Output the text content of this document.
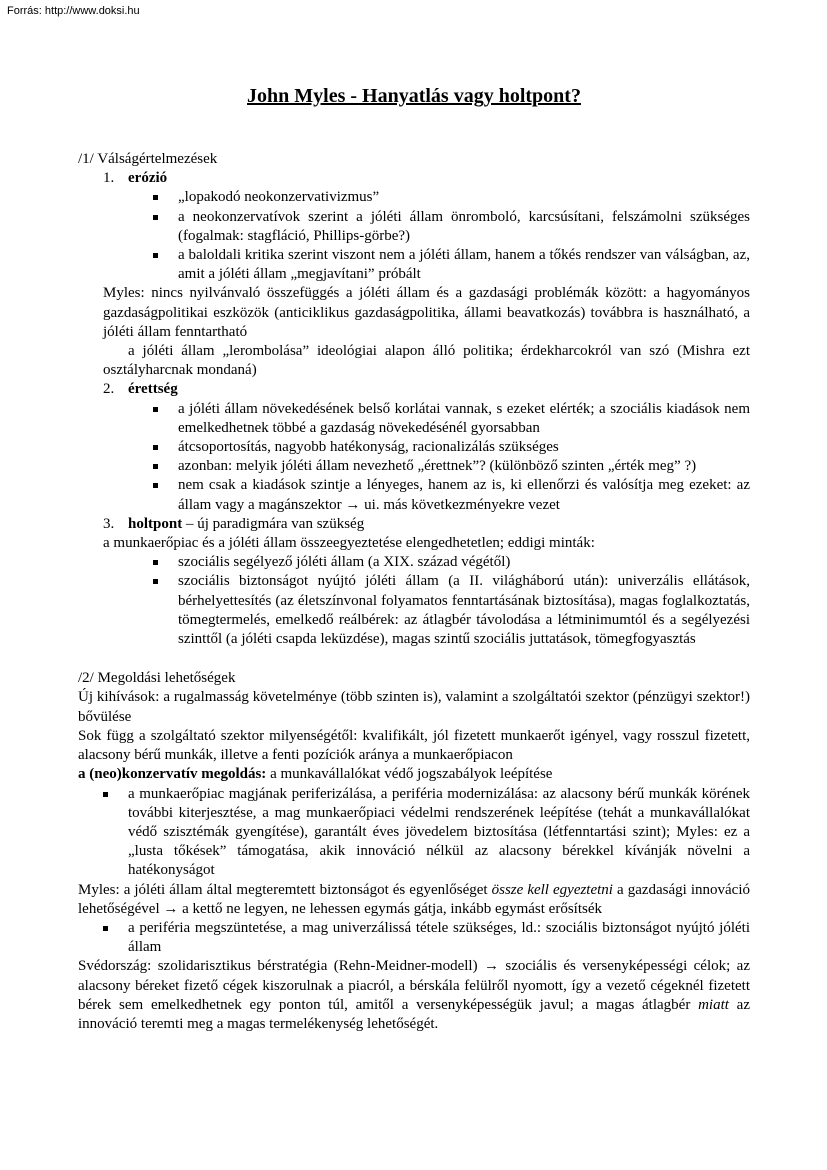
Forrás: http://www.doksi.hu
John Myles - Hanyatlás vagy holtpont?

/1/ Válságértelmezések

1. erózió
„lopakodó neokonzervativizmus”
a neokonzervatívok szerint a jóléti állam önromboló, karcsúsítani, felszámolni szükséges (fogalmak: stagfláció, Phillips-görbe?)
a baloldali kritika szerint viszont nem a jóléti állam, hanem a tőkés rendszer van válságban, az, amit a jóléti állam „megjavítani” próbált

Myles: nincs nyilvánvaló összefüggés a jóléti állam és a gazdasági problémák között: a hagyományos gazdaságpolitikai eszközök (anticiklikus gazdaságpolitika, állami beavatkozás) továbbra is használható, a jóléti állam fenntartható

a jóléti állam „lerombolása” ideológiai alapon álló politika; érdekharcokról van szó (Mishra ezt osztályharcnak mondaná)

2. érettség
a jóléti állam növekedésének belső korlátai vannak, s ezeket elérték; a szociális kiadások nem emelkedhetnek többé a gazdaság növekedésénél gyorsabban
átcsoportosítás, nagyobb hatékonyság, racionalizálás szükséges
azonban: melyik jóléti állam nevezhető „érettnek”? (különböző szinten „érték meg” ?)
nem csak a kiadások szintje a lényeges, hanem az is, ki ellenőrzi és valósítja meg ezeket: az állam vagy a magánszektor → ui. más következményekre vezet
3. holtpont – új paradigmára van szükség

a munkaerőpiac és a jóléti állam összeegyeztetése elengedhetetlen; eddigi minták:

szociális segélyező jóléti állam (a XIX. század végétől)
szociális biztonságot nyújtó jóléti állam (a II. világháború után): univerzális ellátások, bérhelyettesítés (az életszínvonal folyamatos fenntartásának biztosítása), magas foglalkoztatás, tömegtermelés, emelkedő reálbérek: az átlagbér távolodása a létminimumtól és a segélyezési szinttől (a jóléti csapda leküzdése), magas szintű szociális juttatások, tömegfogyasztás

/2/ Megoldási lehetőségek

Új kihívások: a rugalmasság követelménye (több szinten is), valamint a szolgáltatói szektor (pénzügyi szektor!) bővülése

Sok függ a szolgáltató szektor milyenségétől: kvalifikált, jól fizetett munkaerőt igényel, vagy rosszul fizetett, alacsony bérű munkák, illetve a fenti pozíciók aránya a munkaerőpiacon

a (neo)konzervatív megoldás: a munkavállalókat védő jogszabályok leépítése

a munkaerőpiac magjának periferizálása, a periféria modernizálása: az alacsony bérű munkák körének további kiterjesztése, a mag munkaerőpiaci védelmi rendszerének leépítése (tehát a munkavállalókat védő szisztémák gyengítése), garantált éves jövedelem biztosítása (létfenntartási szint); Myles: ez a „lusta tőkések” támogatása, akik innováció nélkül az alacsony bérekkel kívánják növelni a hatékonyságot

Myles: a jóléti állam által megteremtett biztonságot és egyenlőséget össze kell egyeztetni a gazdasági innováció lehetőségével → a kettő ne legyen, ne lehessen egymás gátja, inkább egymást erősítsék

a periféria megszüntetése, a mag univerzálissá tétele szükséges, ld.: szociális biztonságot nyújtó jóléti állam

Svédország: szolidarisztikus bérstratégia (Rehn-Meidner-modell) → szociális és versenyképességi célok; az alacsony béreket fizető cégek kiszorulnak a piacról, a bérskála felülről nyomott, így a vezető cégeknél fizetett bérek sem emelkedhetnek egy ponton túl, amitől a versenyképességük javul; a magas átlagbér miatt az innováció teremti meg a magas termelékenység lehetőségét.
